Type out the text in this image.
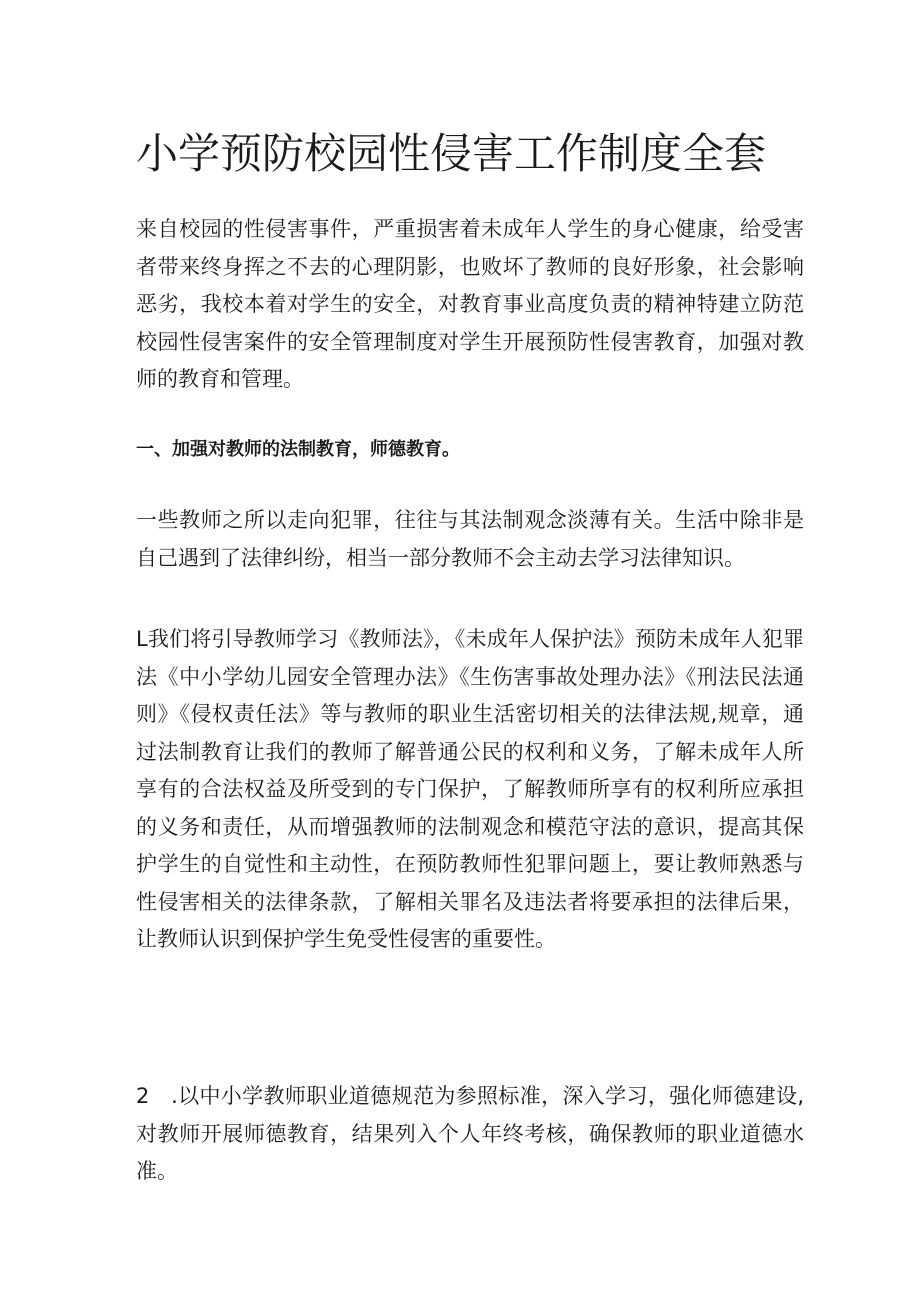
小学预防校园性侵害工作制度全套

来自校园的性侵害事件，严重损害着未成年人学生的身心健康，给受害者带来终身挥之不去的心理阴影，也败坏了教师的良好形象，社会影响恶劣，我校本着对学生的安全，对教育事业高度负责的精神特建立防范校园性侵害案件的安全管理制度对学生开展预防性侵害教育，加强对教师的教育和管理。

一、加强对教师的法制教育，师德教育。

一些教师之所以走向犯罪，往往与其法制观念淡薄有关。生活中除非是自己遇到了法律纠纷，相当一部分教师不会主动去学习法律知识。

L我们将引导教师学习《教师法》，《未成年人保护法》预防未成年人犯罪法《中小学幼儿园安全管理办法》《生伤害事故处理办法》《刑法民法通则》《侵权责任法》等与教师的职业生活密切相关的法律法规,规章，通过法制教育让我们的教师了解普通公民的权利和义务，了解未成年人所享有的合法权益及所受到的专门保护，了解教师所享有的权利所应承担的义务和责任，从而增强教师的法制观念和模范守法的意识，提高其保护学生的自觉性和主动性，在预防教师性犯罪问题上，要让教师熟悉与性侵害相关的法律条款，了解相关罪名及违法者将要承担的法律后果，让教师认识到保护学生免受性侵害的重要性。

2　.以中小学教师职业道德规范为参照标准，深入学习，强化师德建设,对教师开展师德教育，结果列入个人年终考核，确保教师的职业道德水准。
